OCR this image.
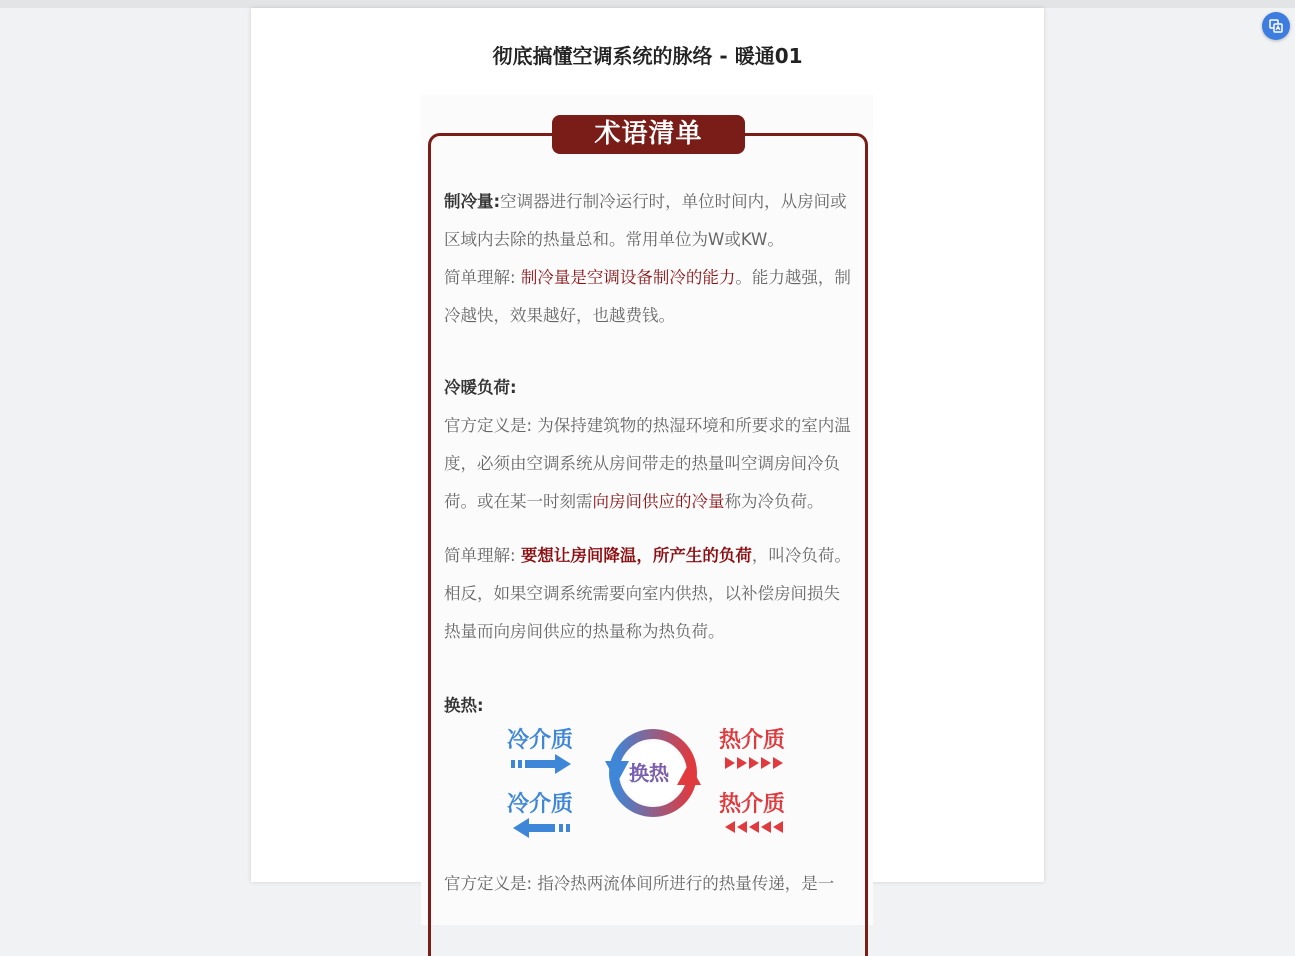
彻底搞懂空调系统的脉络 - 暖通01
术语清单

制冷量:空调器进行制冷运行时，单位时间内，从房间或区域内去除的热量总和。常用单位为W或KW。

简单理解: 制冷量是空调设备制冷的能力。能力越强，制冷越快，效果越好，也越费钱。

冷暖负荷:

官方定义是: 为保持建筑物的热湿环境和所要求的室内温度，必须由空调系统从房间带走的热量叫空调房间冷负荷。或在某一时刻需向房间供应的冷量称为冷负荷。

简单理解: 要想让房间降温，所产生的负荷，叫冷负荷。相反，如果空调系统需要向室内供热，以补偿房间损失热量而向房间供应的热量称为热负荷。

换热:

冷介质
冷介质
换热
热介质
热介质
官方定义是: 指冷热两流体间所进行的热量传递，是一
